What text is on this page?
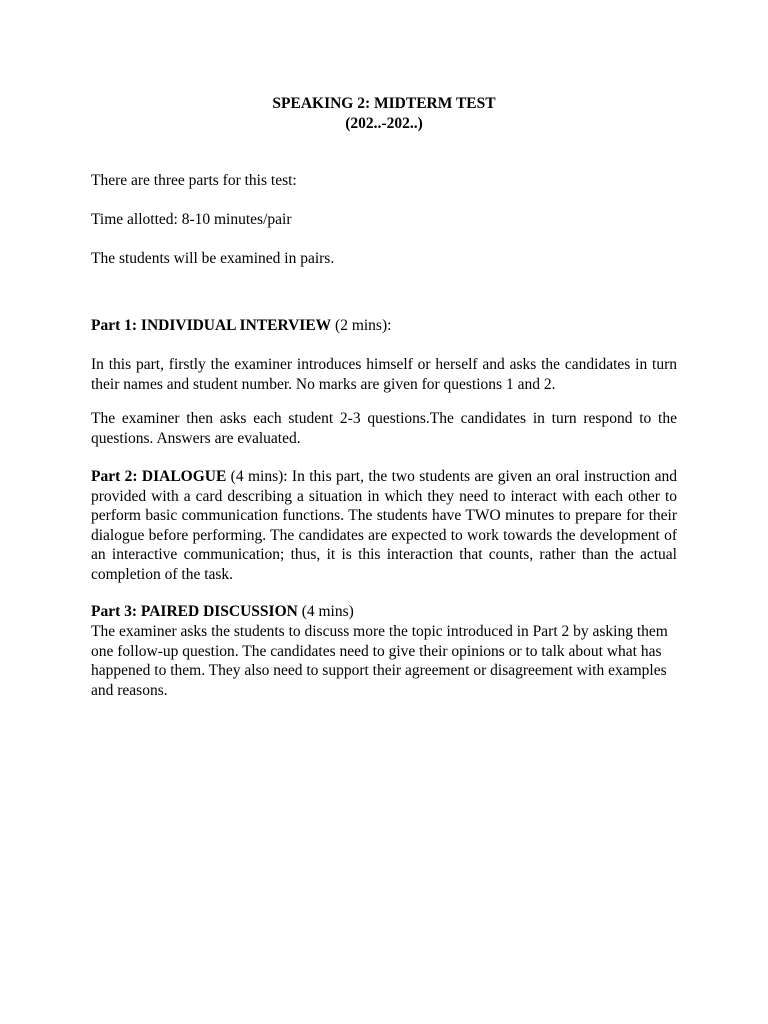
SPEAKING 2: MIDTERM TEST
(202..-202..)

There are three parts for this test:

Time allotted: 8-10 minutes/pair

The students will be examined in pairs.

Part 1: INDIVIDUAL INTERVIEW (2 mins):

In this part, firstly the examiner introduces himself or herself and asks the candidates in turn their names and student number. No marks are given for questions 1 and 2.

The examiner then asks each student 2-3 questions.The candidates in turn respond to the questions. Answers are evaluated.

Part 2: DIALOGUE (4 mins): In this part, the two students are given an oral instruction and provided with a card describing a situation in which they need to interact with each other to perform basic communication functions. The students have TWO minutes to prepare for their dialogue before performing. The candidates are expected to work towards the development of an interactive communication; thus, it is this interaction that counts, rather than the actual completion of the task.

Part 3: PAIRED DISCUSSION (4 mins)

The examiner asks the students to discuss more the topic introduced in Part 2 by asking them one follow-up question. The candidates need to give their opinions or to talk about what has happened to them. They also need to support their agreement or disagreement with examples and reasons.
